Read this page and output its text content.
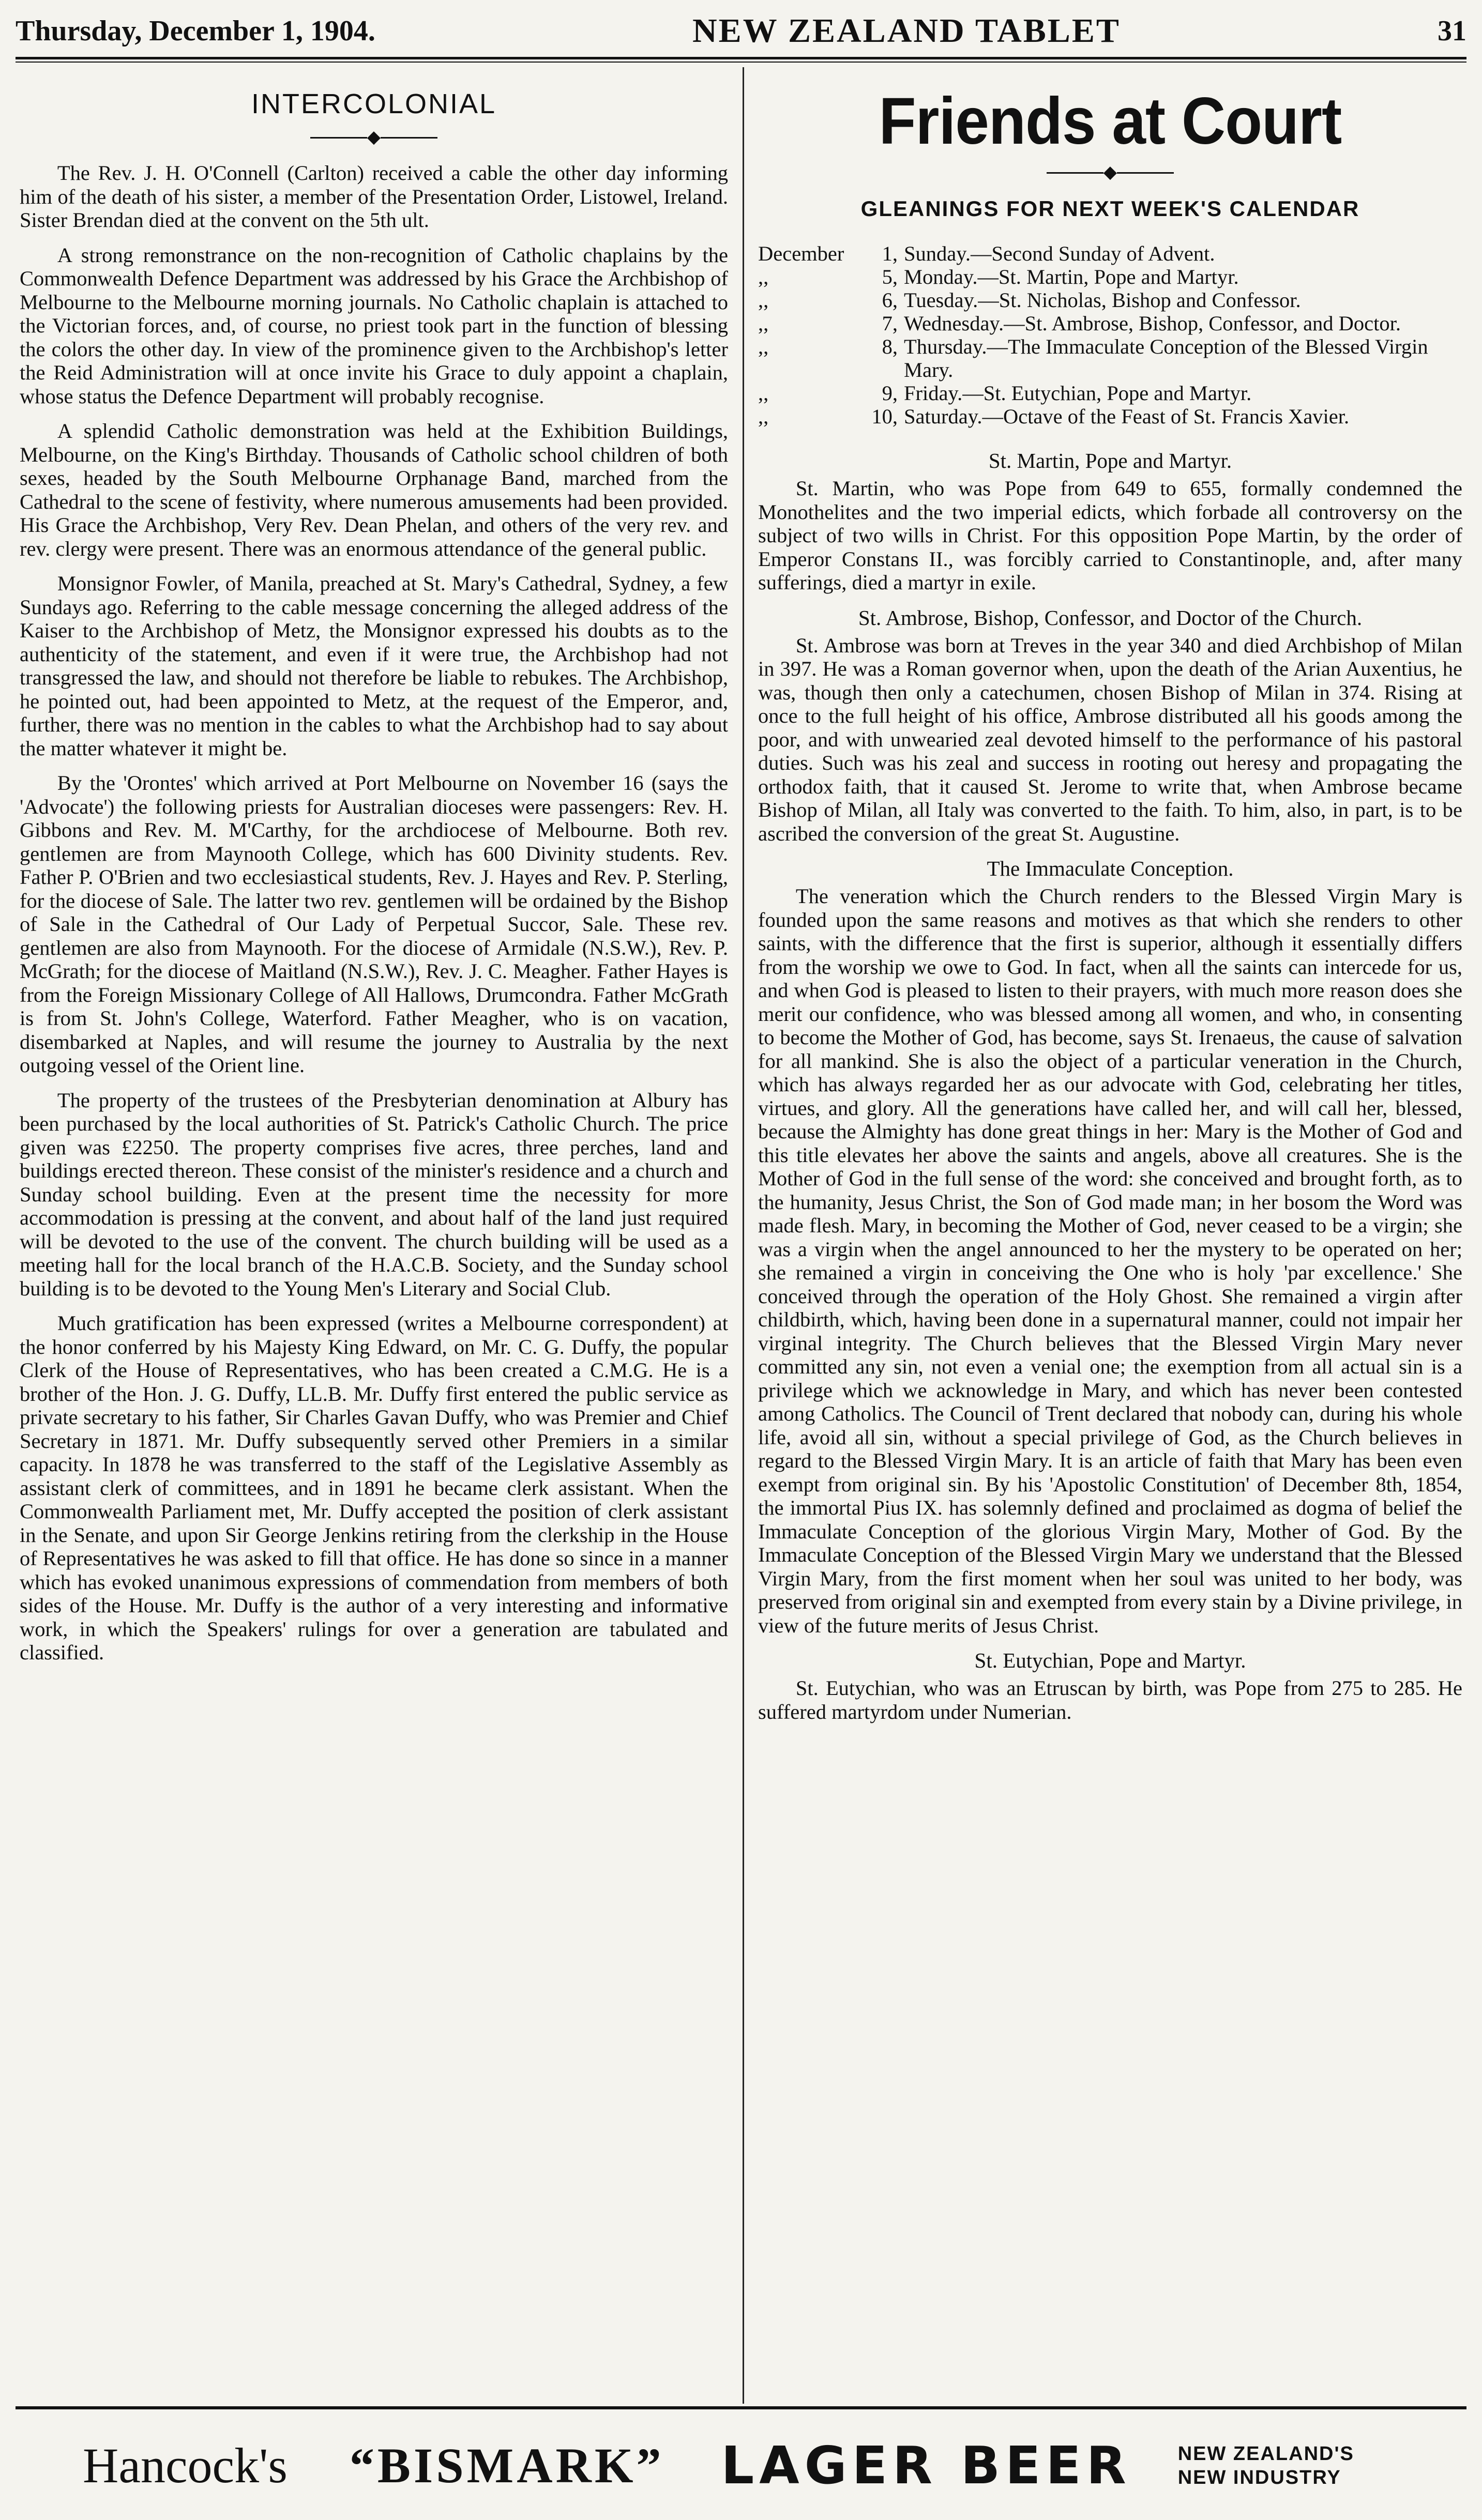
Thursday, December 1, 1904.	NEW ZEALAND TABLET	31
INTERCOLONIAL
◆

The Rev. J. H. O'Connell (Carlton) received a cable the other day informing him of the death of his sister, a member of the Presentation Order, Listowel, Ireland. Sister Brendan died at the convent on the 5th ult.

A strong remonstrance on the non-recognition of Catholic chaplains by the Commonwealth Defence Department was addressed by his Grace the Archbishop of Melbourne to the Melbourne morning journals. No Catholic chaplain is attached to the Victorian forces, and, of course, no priest took part in the function of blessing the colors the other day. In view of the prominence given to the Archbishop's letter the Reid Administration will at once invite his Grace to duly appoint a chaplain, whose status the Defence Department will probably recognise.

A splendid Catholic demonstration was held at the Exhibition Buildings, Melbourne, on the King's Birthday. Thousands of Catholic school children of both sexes, headed by the South Melbourne Orphanage Band, marched from the Cathedral to the scene of festivity, where numerous amusements had been provided. His Grace the Archbishop, Very Rev. Dean Phelan, and others of the very rev. and rev. clergy were present. There was an enormous attendance of the general public.

Monsignor Fowler, of Manila, preached at St. Mary's Cathedral, Sydney, a few Sundays ago. Referring to the cable message concerning the alleged address of the Kaiser to the Archbishop of Metz, the Monsignor expressed his doubts as to the authenticity of the statement, and even if it were true, the Archbishop had not transgressed the law, and should not therefore be liable to rebukes. The Archbishop, he pointed out, had been appointed to Metz, at the request of the Emperor, and, further, there was no mention in the cables to what the Archbishop had to say about the matter whatever it might be.

By the 'Orontes' which arrived at Port Melbourne on November 16 (says the 'Advocate') the following priests for Australian dioceses were passengers: Rev. H. Gibbons and Rev. M. M'Carthy, for the archdiocese of Melbourne. Both rev. gentlemen are from Maynooth College, which has 600 Divinity students. Rev. Father P. O'Brien and two ecclesiastical students, Rev. J. Hayes and Rev. P. Sterling, for the diocese of Sale. The latter two rev. gentlemen will be ordained by the Bishop of Sale in the Cathedral of Our Lady of Perpetual Succor, Sale. These rev. gentlemen are also from Maynooth. For the diocese of Armidale (N.S.W.), Rev. P. McGrath; for the diocese of Maitland (N.S.W.), Rev. J. C. Meagher. Father Hayes is from the Foreign Missionary College of All Hallows, Drumcondra. Father McGrath is from St. John's College, Waterford. Father Meagher, who is on vacation, disembarked at Naples, and will resume the journey to Australia by the next outgoing vessel of the Orient line.

The property of the trustees of the Presbyterian denomination at Albury has been purchased by the local authorities of St. Patrick's Catholic Church. The price given was £2250. The property comprises five acres, three perches, land and buildings erected thereon. These consist of the minister's residence and a church and Sunday school building. Even at the present time the necessity for more accommodation is pressing at the convent, and about half of the land just required will be devoted to the use of the convent. The church building will be used as a meeting hall for the local branch of the H.A.C.B. Society, and the Sunday school building is to be devoted to the Young Men's Literary and Social Club.

Much gratification has been expressed (writes a Melbourne correspondent) at the honor conferred by his Majesty King Edward, on Mr. C. G. Duffy, the popular Clerk of the House of Representatives, who has been created a C.M.G. He is a brother of the Hon. J. G. Duffy, LL.B. Mr. Duffy first entered the public service as private secretary to his father, Sir Charles Gavan Duffy, who was Premier and Chief Secretary in 1871. Mr. Duffy subsequently served other Premiers in a similar capacity. In 1878 he was transferred to the staff of the Legislative Assembly as assistant clerk of committees, and in 1891 he became clerk assistant. When the Commonwealth Parliament met, Mr. Duffy accepted the position of clerk assistant in the Senate, and upon Sir George Jenkins retiring from the clerkship in the House of Representatives he was asked to fill that office. He has done so since in a manner which has evoked unanimous expressions of commendation from members of both sides of the House. Mr. Duffy is the author of a very interesting and informative work, in which the Speakers' rulings for over a generation are tabulated and classified.

Friends at Court
◆
GLEANINGS FOR NEXT WEEK'S CALENDAR
December	1, Sunday.—Second Sunday of Advent.
,,	5, Monday.—St. Martin, Pope and Martyr.
,,	6, Tuesday.—St. Nicholas, Bishop and Confessor.
,,	7, Wednesday.—St. Ambrose, Bishop, Confessor, and Doctor.
,,	8, Thursday.—The Immaculate Conception of the Blessed Virgin Mary.
,,	9, Friday.—St. Eutychian, Pope and Martyr.
,,	10, Saturday.—Octave of the Feast of St. Francis Xavier.
St. Martin, Pope and Martyr.

St. Martin, who was Pope from 649 to 655, formally condemned the Monothelites and the two imperial edicts, which forbade all controversy on the subject of two wills in Christ. For this opposition Pope Martin, by the order of Emperor Constans II., was forcibly carried to Constantinople, and, after many sufferings, died a martyr in exile.

St. Ambrose, Bishop, Confessor, and Doctor of the Church.

St. Ambrose was born at Treves in the year 340 and died Archbishop of Milan in 397. He was a Roman governor when, upon the death of the Arian Auxentius, he was, though then only a catechumen, chosen Bishop of Milan in 374. Rising at once to the full height of his office, Ambrose distributed all his goods among the poor, and with unwearied zeal devoted himself to the performance of his pastoral duties. Such was his zeal and success in rooting out heresy and propagating the orthodox faith, that it caused St. Jerome to write that, when Ambrose became Bishop of Milan, all Italy was converted to the faith. To him, also, in part, is to be ascribed the conversion of the great St. Augustine.

The Immaculate Conception.

The veneration which the Church renders to the Blessed Virgin Mary is founded upon the same reasons and motives as that which she renders to other saints, with the difference that the first is superior, although it essentially differs from the worship we owe to God. In fact, when all the saints can intercede for us, and when God is pleased to listen to their prayers, with much more reason does she merit our confidence, who was blessed among all women, and who, in consenting to become the Mother of God, has become, says St. Irenaeus, the cause of salvation for all mankind. She is also the object of a particular veneration in the Church, which has always regarded her as our advocate with God, celebrating her titles, virtues, and glory. All the generations have called her, and will call her, blessed, because the Almighty has done great things in her: Mary is the Mother of God and this title elevates her above the saints and angels, above all creatures. She is the Mother of God in the full sense of the word: she conceived and brought forth, as to the humanity, Jesus Christ, the Son of God made man; in her bosom the Word was made flesh. Mary, in becoming the Mother of God, never ceased to be a virgin; she was a virgin when the angel announced to her the mystery to be operated on her; she remained a virgin in conceiving the One who is holy 'par excellence.' She conceived through the operation of the Holy Ghost. She remained a virgin after childbirth, which, having been done in a supernatural manner, could not impair her virginal integrity. The Church believes that the Blessed Virgin Mary never committed any sin, not even a venial one; the exemption from all actual sin is a privilege which we acknowledge in Mary, and which has never been contested among Catholics. The Council of Trent declared that nobody can, during his whole life, avoid all sin, without a special privilege of God, as the Church believes in regard to the Blessed Virgin Mary. It is an article of faith that Mary has been even exempt from original sin. By his 'Apostolic Constitution' of December 8th, 1854, the immortal Pius IX. has solemnly defined and proclaimed as dogma of belief the Immaculate Conception of the glorious Virgin Mary, Mother of God. By the Immaculate Conception of the Blessed Virgin Mary we understand that the Blessed Virgin Mary, from the first moment when her soul was united to her body, was preserved from original sin and exempted from every stain by a Divine privilege, in view of the future merits of Jesus Christ.

St. Eutychian, Pope and Martyr.

St. Eutychian, who was an Etruscan by birth, was Pope from 275 to 285. He suffered martyrdom under Numerian.

Hancock's “BISMARK” LAGER BEER NEW ZEALAND'S
NEW INDUSTRY
